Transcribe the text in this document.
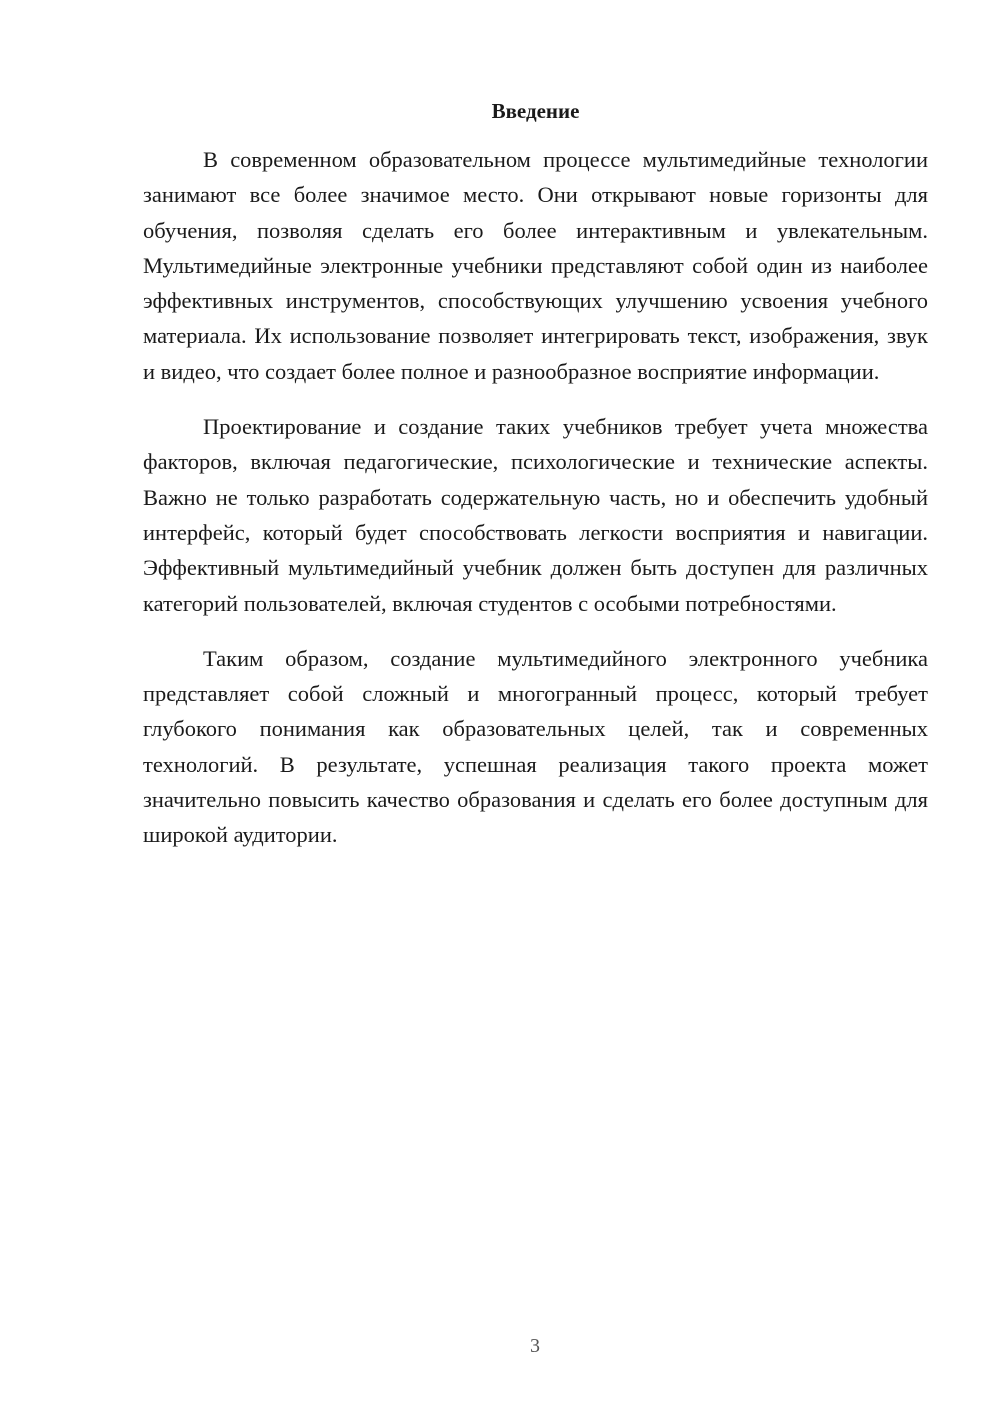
Введение

В современном образовательном процессе мультимедийные технологии занимают все более значимое место. Они открывают новые горизонты для обучения, позволяя сделать его более интерактивным и увлекательным. Мультимедийные электронные учебники представляют собой один из наиболее эффективных инструментов, способствующих улучшению усвоения учебного материала. Их использование позволяет интегрировать текст, изображения, звук и видео, что создает более полное и разнообразное восприятие информации.

Проектирование и создание таких учебников требует учета множества факторов, включая педагогические, психологические и технические аспекты. Важно не только разработать содержательную часть, но и обеспечить удобный интерфейс, который будет способствовать легкости восприятия и навигации. Эффективный мультимедийный учебник должен быть доступен для различных категорий пользователей, включая студентов с особыми потребностями.

Таким образом, создание мультимедийного электронного учебника представляет собой сложный и многогранный процесс, который требует глубокого понимания как образовательных целей, так и современных технологий. В результате, успешная реализация такого проекта может значительно повысить качество образования и сделать его более доступным для широкой аудитории.

3
